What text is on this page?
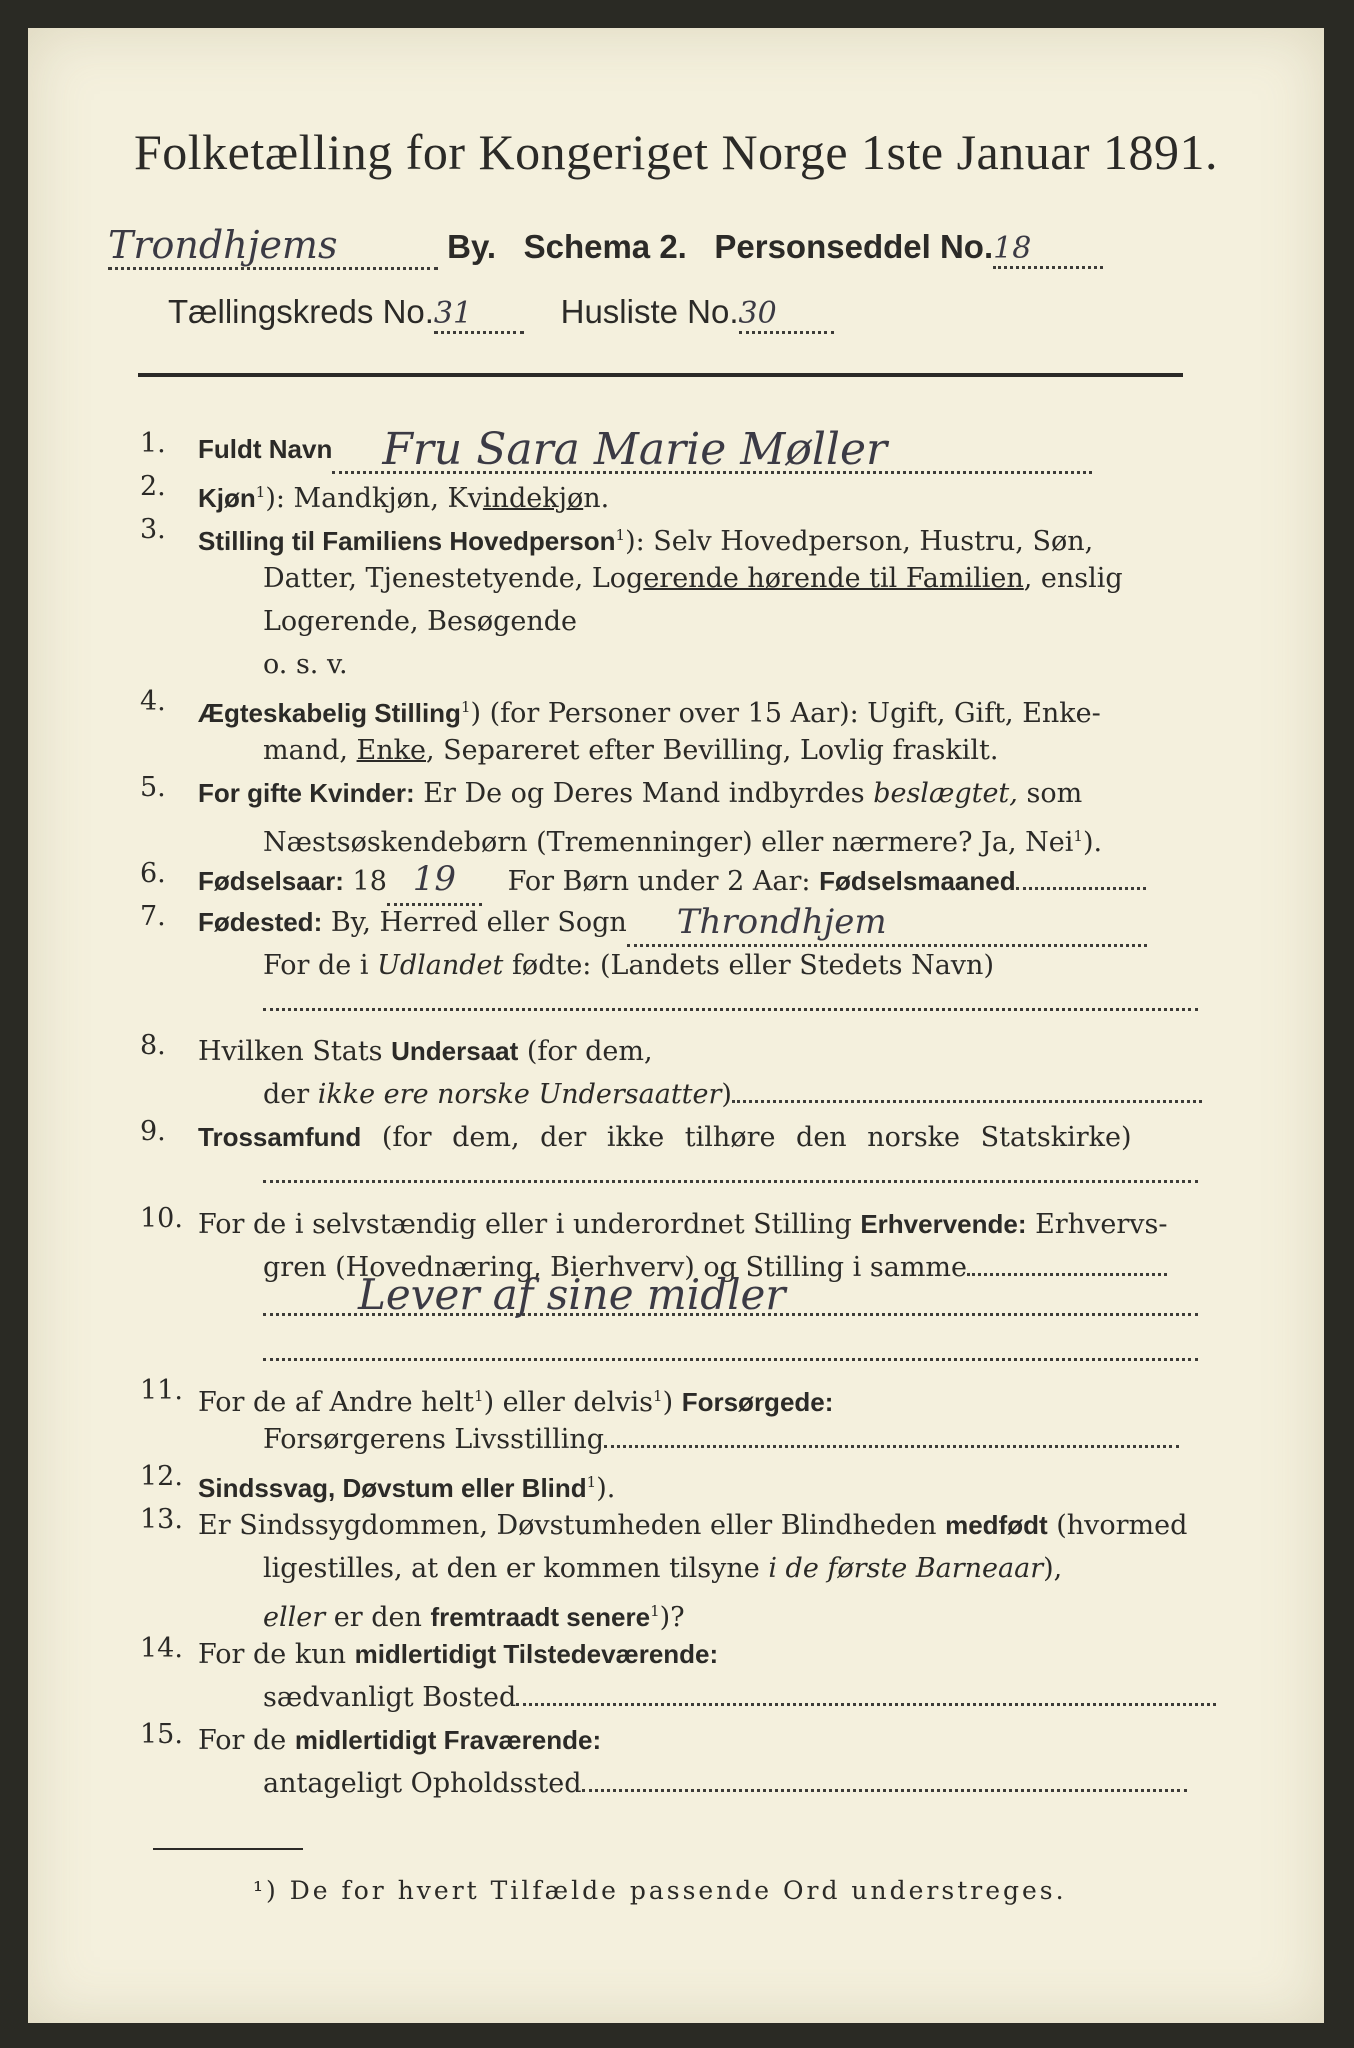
Folketælling for Kongeriget Norge 1ste Januar 1891.
Trondhjems	By. Schema 2. Personseddel No.18
Tællingskreds No.31	Husliste No.30
1.	Fuldt Navn Fru Sara Marie Møller

2.	Kjøn$^1$): Mandkjøn, Kvindekjøn.
3.	Stilling til Familiens Hovedperson$^1$): Selv Hovedperson, Hustru, Søn,
Datter, Tjenestetyende, Logerende hørende til Familien, enslig
Logerende, Besøgende
o. s. v.
4.	Ægteskabelig Stilling$^1$) (for Personer over 15 Aar): Ugift, Gift, Enke-
mand, Enke, Separeret efter Bevilling, Lovlig fraskilt.
5.	For gifte Kvinder: Er De og Deres Mand indbyrdes beslægtet, som
Næstsøskendebørn (Tremenninger) eller nærmere? Ja, Nei$^1$).
6.	Fødselsaar: 18 19 For Børn under 2 Aar: Fødselsmaaned
7.	Fødested: By, Herred eller Sogn Throndhjem

For de i Udlandet fødte: (Landets eller Stedets Navn)
8.	Hvilken Stats Undersaat (for dem,
der ikke ere norske Undersaatter)
9.	Trossamfund (for dem, der ikke tilhøre den norske Statskirke)
10. For de i selvstændig eller i underordnet Stilling Erhvervende: Erhvervs-
gren (Hovednæring, Bierhverv) og Stilling i samme
Lever af sine midler
11. For de af Andre helt$^1$) eller delvis$^1$) Forsørgede:
Forsørgerens Livsstilling
12. Sindssvag, Døvstum eller Blind$^1$).
13. Er Sindssygdommen, Døvstumheden eller Blindheden medfødt (hvormed
ligestilles, at den er kommen tilsyne i de første Barneaar),
eller er den fremtraadt senere$^1$)?
14. For de kun midlertidigt Tilstedeværende:
sædvanligt Bosted
15. For de midlertidigt Fraværende:
antageligt Opholdssted
¹) De for hvert Tilfælde passende Ord understreges.
